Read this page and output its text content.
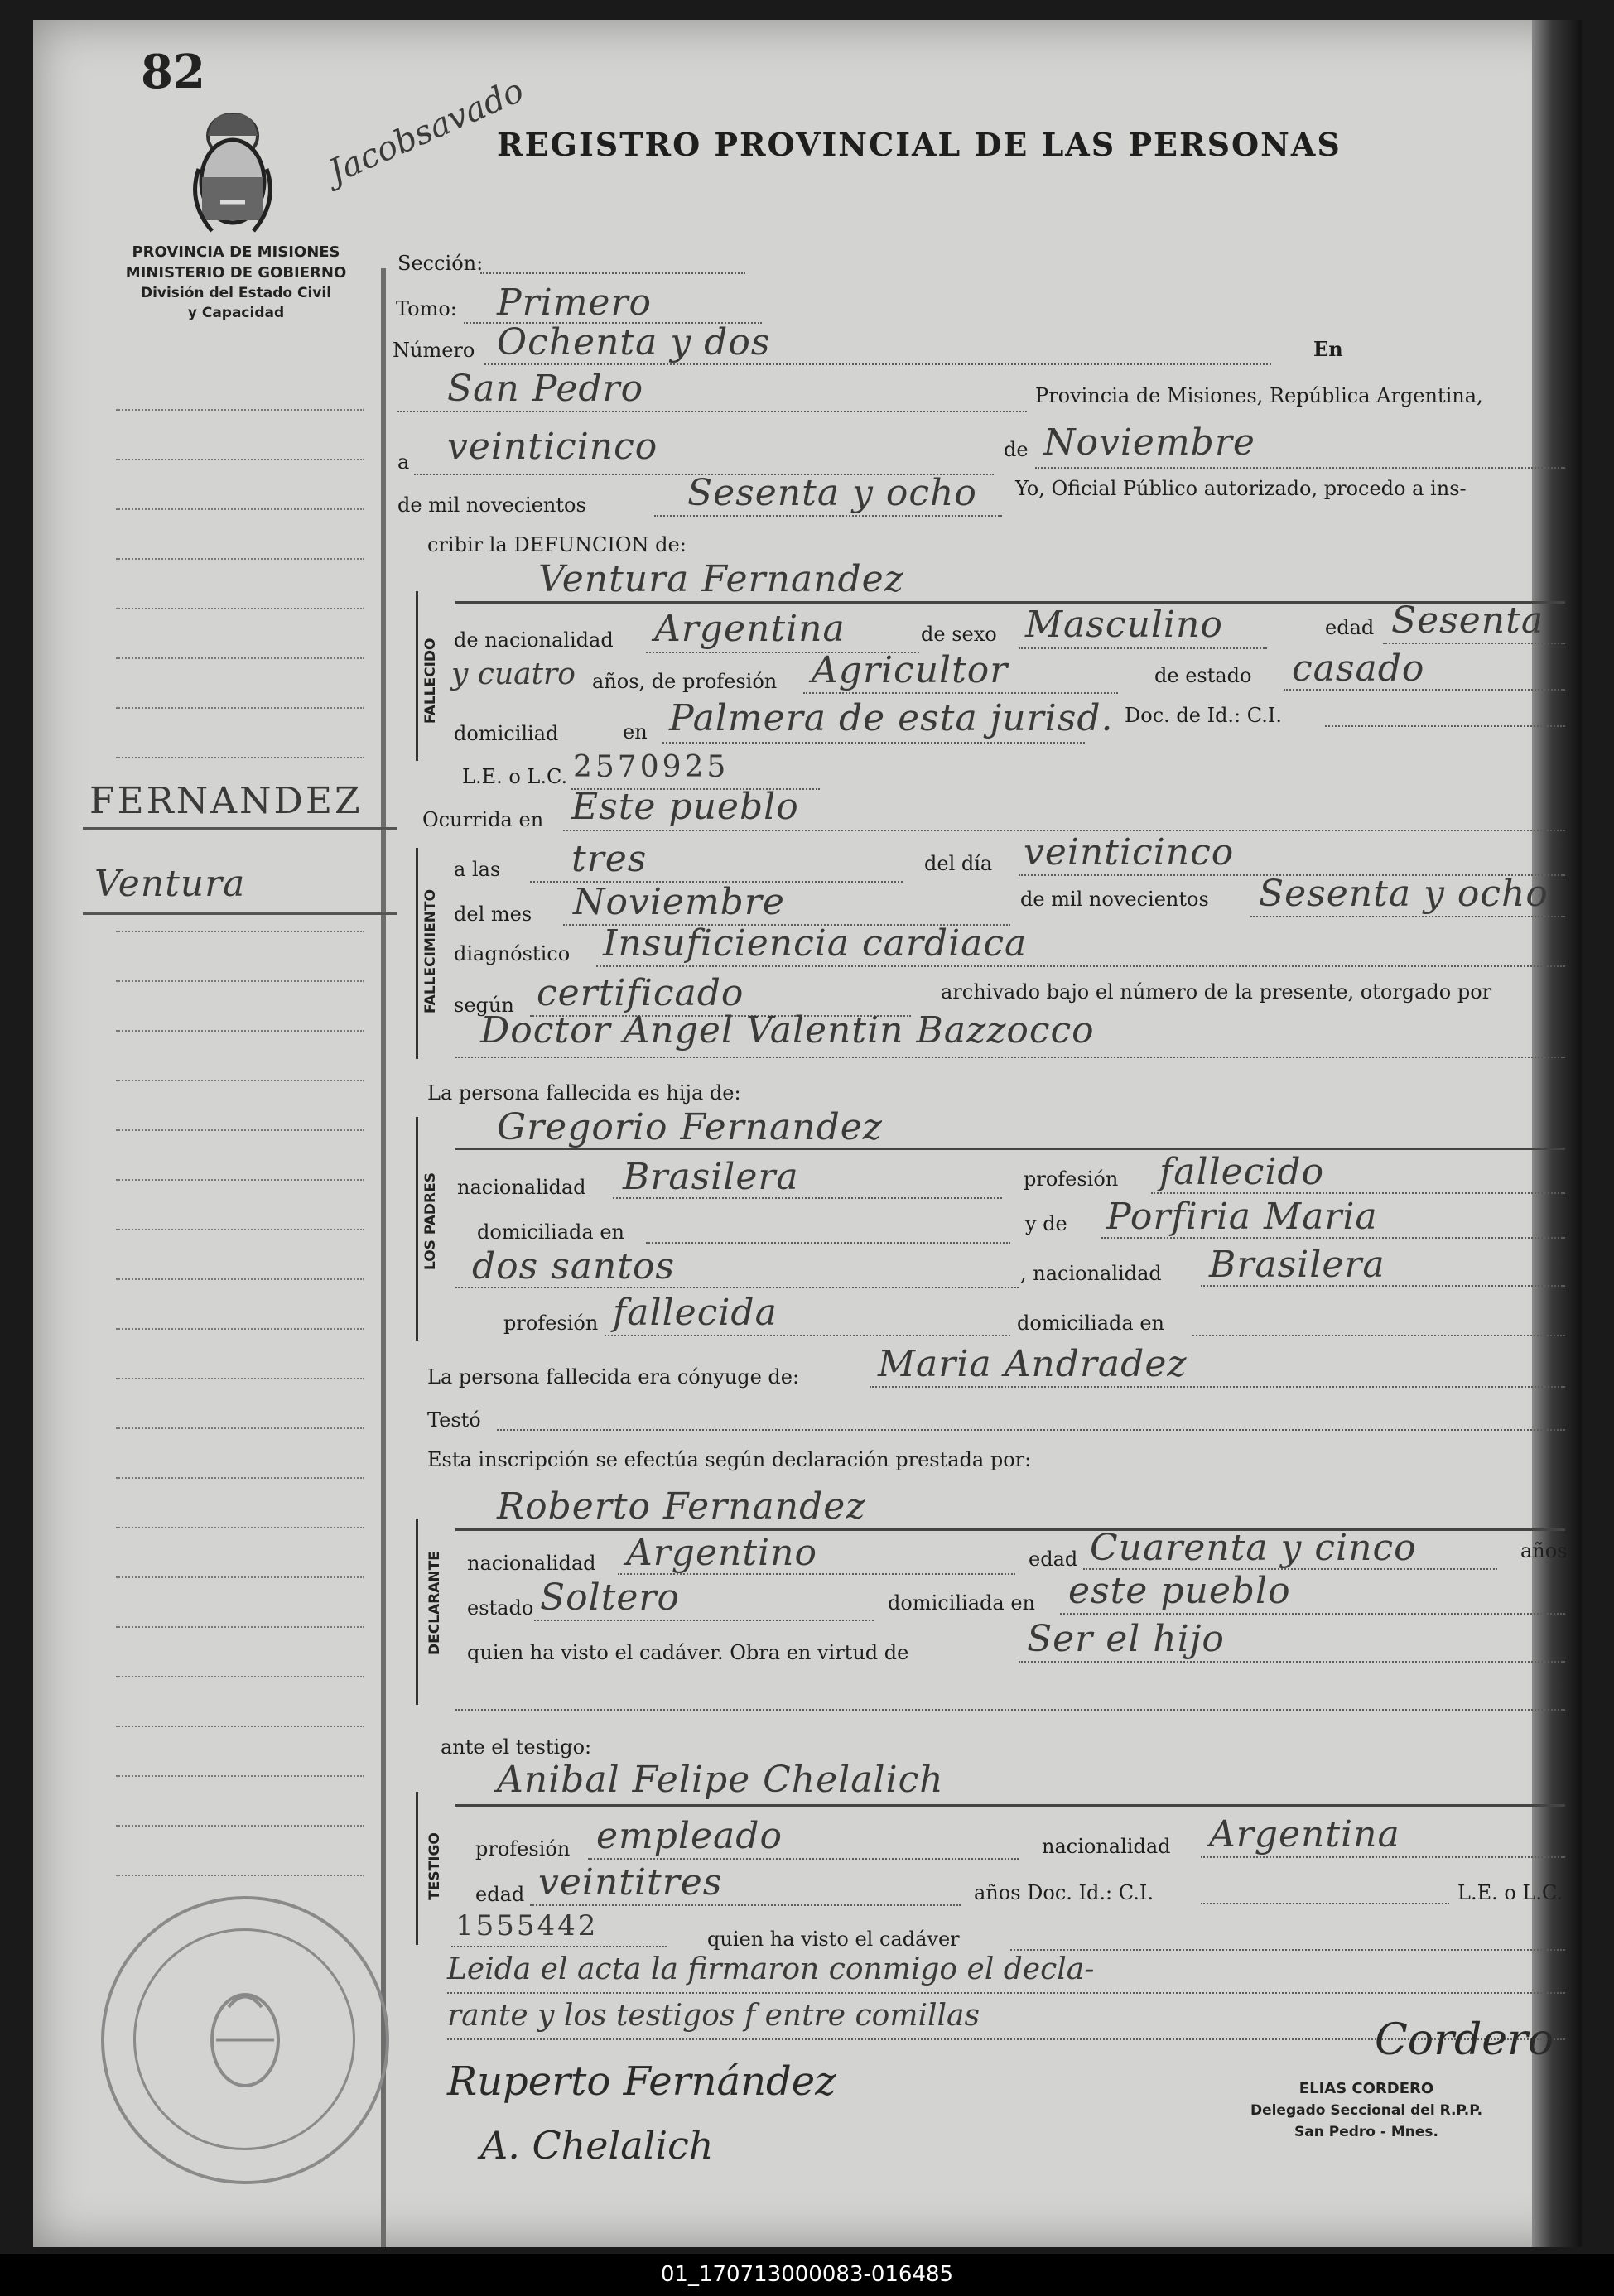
82
REGISTRO PROVINCIAL DE LAS PERSONAS
Jacobsavado
PROVINCIA DE MISIONES
MINISTERIO DE GOBIERNO
División del Estado Civil
y Capacidad
FERNANDEZ
Ventura
Sección:
Tomo: Primero
Número Ochenta y dos	En
San Pedro	Provincia de Misiones, República Argentina,
a veinticinco	de Noviembre
de mil novecientos	Sesenta y ocho Yo, Oficial Público autorizado, procedo a ins-
cribir la DEFUNCION de:
FALLECIDO
Ventura Fernandez
de nacionalidad Argentina	de sexo Masculino	edad Sesenta
y cuatro años, de profesión Agricultor	de estado casado
domiciliad	en Palmera de esta jurisd. Doc. de Id.: C.I.
L.E. o L.C. 2570925
Ocurrida en Este pueblo
FALLECIMIENTO
a las tres	del día veinticinco
del mes Noviembre	de mil novecientos Sesenta y ocho
diagnóstico Insuficiencia cardiaca
según certificado	archivado bajo el número de la presente, otorgado por
Doctor Angel Valentin Bazzocco
La persona fallecida es hija de:
LOS PADRES
Gregorio Fernandez
nacionalidad Brasilera	profesión fallecido
domiciliada en	y de Porfiria Maria
dos santos	, nacionalidad Brasilera
profesión fallecida	domiciliada en
La persona fallecida era cónyuge de: Maria Andradez
Testó
Esta inscripción se efectúa según declaración prestada por:
DECLARANTE
Roberto Fernandez
nacionalidad Argentino	edad Cuarenta y cinco	años
estado Soltero	domiciliada en este pueblo
quien ha visto el cadáver. Obra en virtud de	Ser el hijo
ante el testigo:
TESTIGO
Anibal Felipe Chelalich
profesión empleado	nacionalidad Argentina
edad veintitres	años Doc. Id.: C.I.	L.E. o L.C.
1555442	quien ha visto el cadáver
Leida el acta la firmaron conmigo el decla-
rante y los testigos f entre comillas
Ruperto Fernández
A. Chelalich
Cordero
ELIAS CORDERO
Delegado Seccional del R.P.P.
San Pedro - Mnes.
01_170713000083-016485
